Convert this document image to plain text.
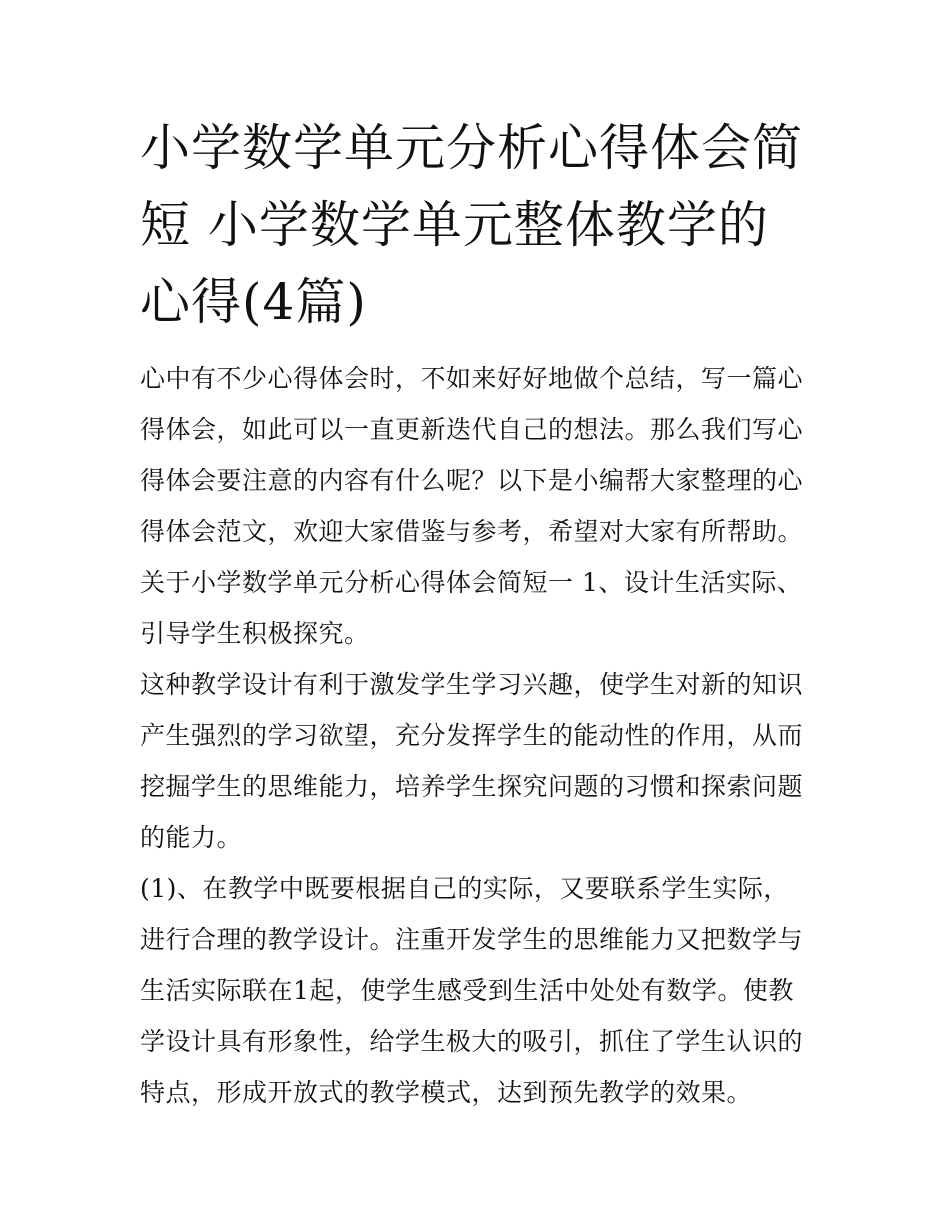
小学数学单元分析心得体会简短 小学数学单元整体教学的心得(4篇)

心中有不少心得体会时，不如来好好地做个总结，写一篇心得体会，如此可以一直更新迭代自己的想法。那么我们写心得体会要注意的内容有什么呢？以下是小编帮大家整理的心得体会范文，欢迎大家借鉴与参考，希望对大家有所帮助。

关于小学数学单元分析心得体会简短一 1、设计生活实际、引导学生积极探究。

这种教学设计有利于激发学生学习兴趣，使学生对新的知识产生强烈的学习欲望，充分发挥学生的能动性的作用，从而挖掘学生的思维能力，培养学生探究问题的习惯和探索问题的能力。

(1)、在教学中既要根据自己的实际，又要联系学生实际，进行合理的教学设计。注重开发学生的思维能力又把数学与生活实际联在1起，使学生感受到生活中处处有数学。使教学设计具有形象性，给学生极大的吸引，抓住了学生认识的特点，形成开放式的教学模式，达到预先教学的效果。
